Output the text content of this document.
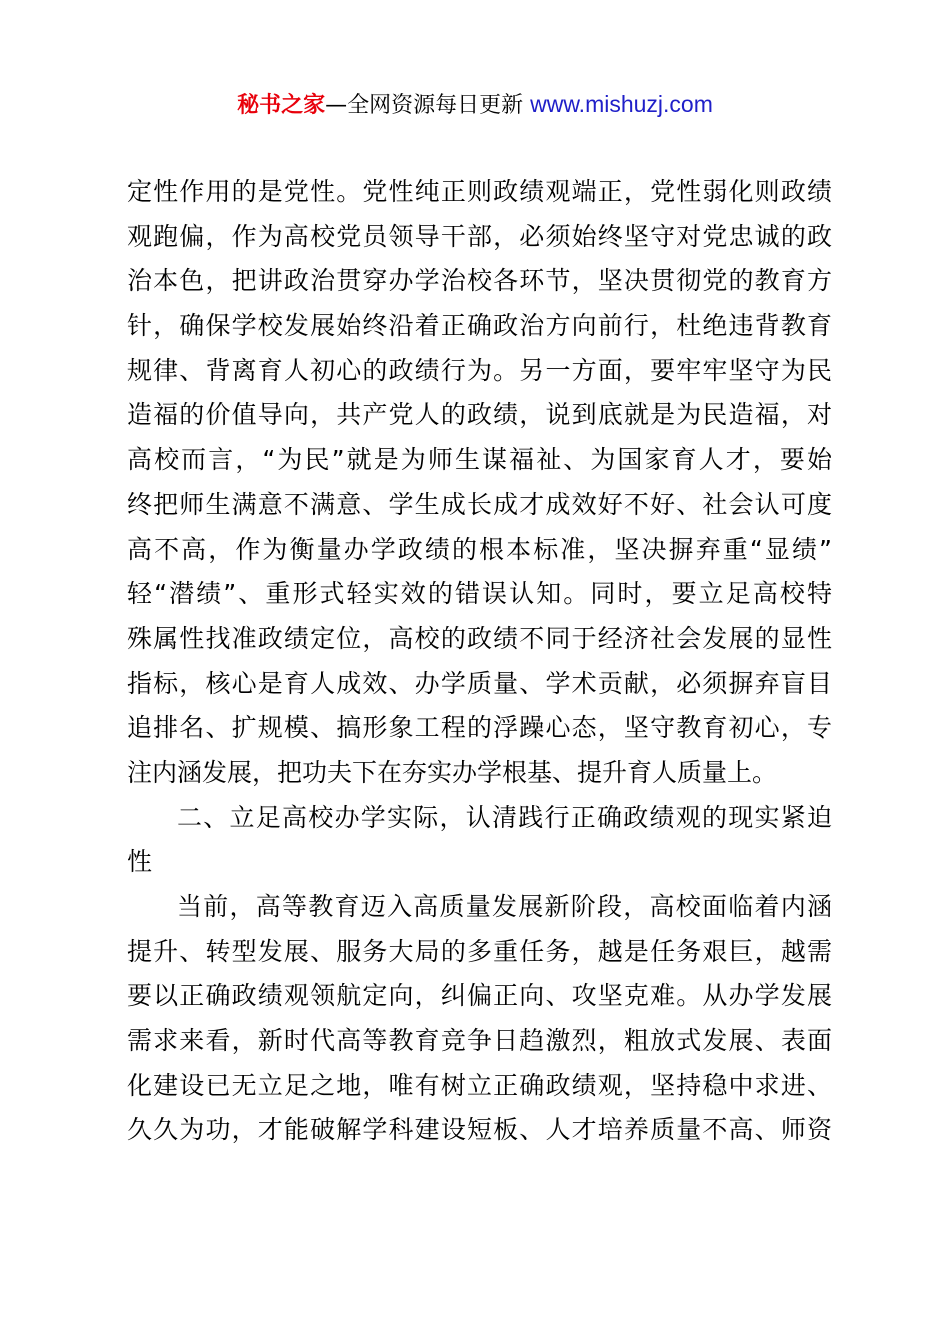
秘书之家—全网资源每日更新 www.mishuzj.com
定性作用的是党性。党性纯正则政绩观端正，党性弱化则政绩
观跑偏，作为高校党员领导干部，必须始终坚守对党忠诚的政
治本色，把讲政治贯穿办学治校各环节，坚决贯彻党的教育方
针，确保学校发展始终沿着正确政治方向前行，杜绝违背教育
规律、背离育人初心的政绩行为。另一方面，要牢牢坚守为民
造福的价值导向，共产党人的政绩，说到底就是为民造福，对
高校而言，“为民”就是为师生谋福祉、为国家育人才，要始
终把师生满意不满意、学生成长成才成效好不好、社会认可度
高不高，作为衡量办学政绩的根本标准，坚决摒弃重“显绩”
轻“潜绩”、重形式轻实效的错误认知。同时，要立足高校特
殊属性找准政绩定位，高校的政绩不同于经济社会发展的显性
指标，核心是育人成效、办学质量、学术贡献，必须摒弃盲目
追排名、扩规模、搞形象工程的浮躁心态，坚守教育初心，专
注内涵发展，把功夫下在夯实办学根基、提升育人质量上。
二、立足高校办学实际，认清践行正确政绩观的现实紧迫
性
当前，高等教育迈入高质量发展新阶段，高校面临着内涵
提升、转型发展、服务大局的多重任务，越是任务艰巨，越需
要以正确政绩观领航定向，纠偏正向、攻坚克难。从办学发展
需求来看，新时代高等教育竞争日趋激烈，粗放式发展、表面
化建设已无立足之地，唯有树立正确政绩观，坚持稳中求进、
久久为功，才能破解学科建设短板、人才培养质量不高、师资
